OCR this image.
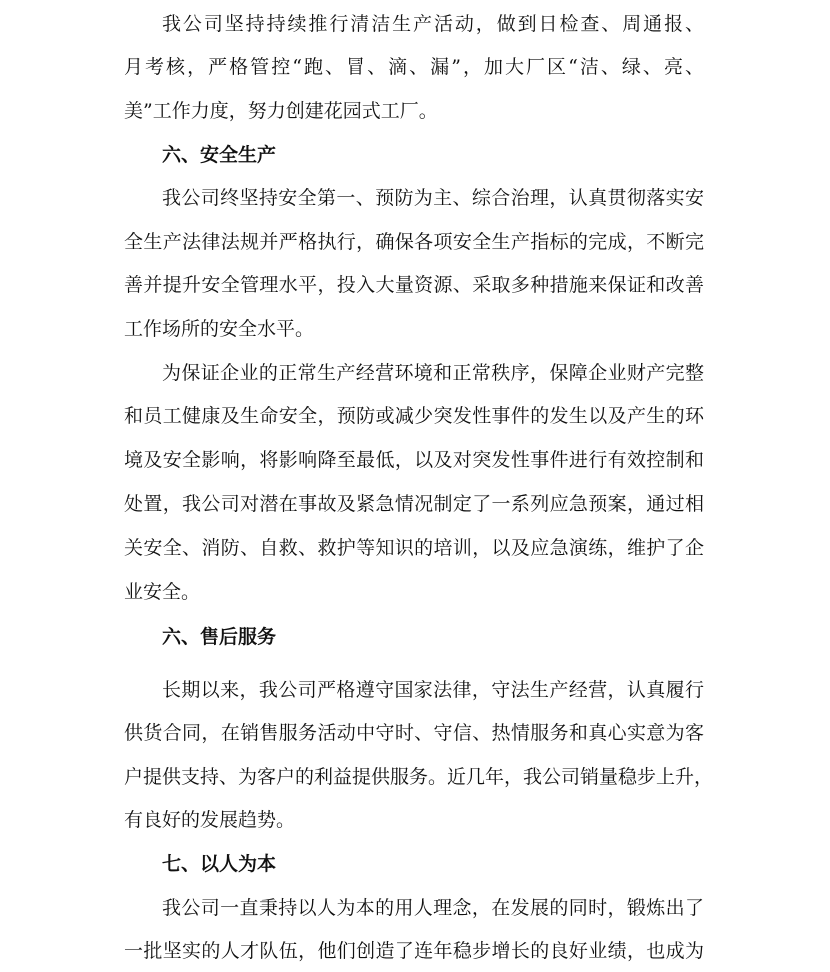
我公司坚持持续推行清洁生产活动，做到日检查、周通报、
月考核，严格管控“跑、冒、滴、漏”，加大厂区“洁、绿、亮、
美”工作力度，努力创建花园式工厂。
六、安全生产
我公司终坚持安全第一、预防为主、综合治理，认真贯彻落实安
全生产法律法规并严格执行，确保各项安全生产指标的完成，不断完
善并提升安全管理水平，投入大量资源、采取多种措施来保证和改善
工作场所的安全水平。
为保证企业的正常生产经营环境和正常秩序，保障企业财产完整
和员工健康及生命安全，预防或减少突发性事件的发生以及产生的环
境及安全影响，将影响降至最低，以及对突发性事件进行有效控制和
处置，我公司对潜在事故及紧急情况制定了一系列应急预案，通过相
关安全、消防、自救、救护等知识的培训，以及应急演练，维护了企
业安全。
六、售后服务
长期以来，我公司严格遵守国家法律，守法生产经营，认真履行
供货合同，在销售服务活动中守时、守信、热情服务和真心实意为客
户提供支持、为客户的利益提供服务。近几年，我公司销量稳步上升，
有良好的发展趋势。
七、以人为本
我公司一直秉持以人为本的用人理念，在发展的同时，锻炼出了
一批坚实的人才队伍，他们创造了连年稳步增长的良好业绩，也成为
